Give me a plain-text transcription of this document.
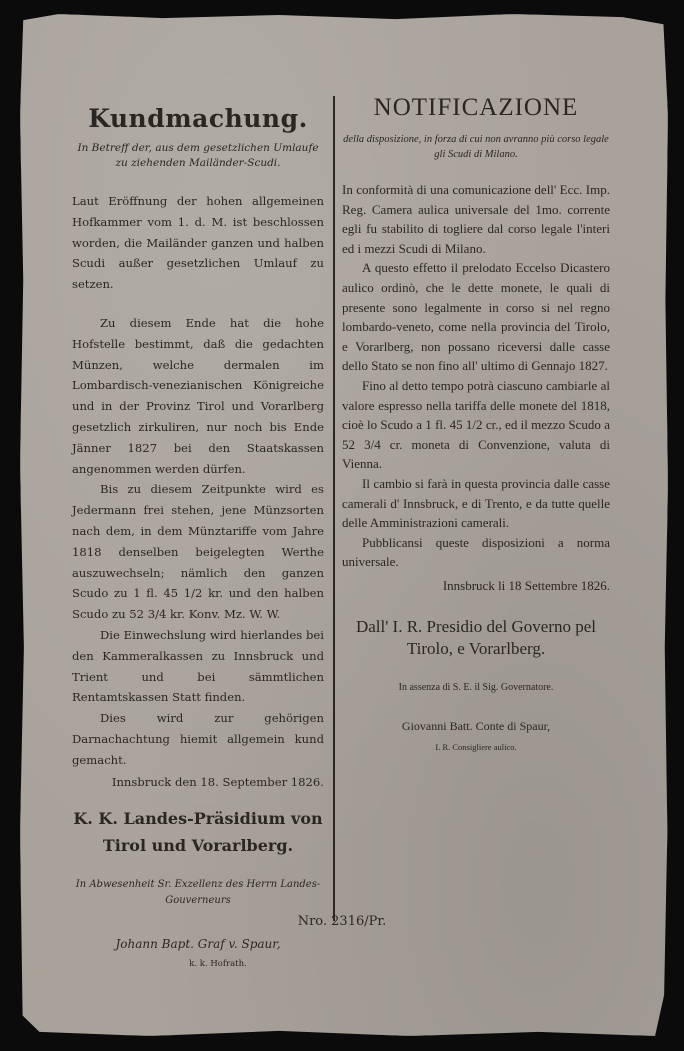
Kundmachung.
In Betreff der, aus dem gesetzlichen Umlaufe zu ziehenden Mailänder-Scudi.

Laut Eröffnung der hohen allgemeinen Hofkammer vom 1. d. M. ist beschlossen worden, die Mailänder ganzen und halben Scudi außer gesetzlichen Umlauf zu setzen.

Zu diesem Ende hat die hohe Hofstelle bestimmt, daß die gedachten Münzen, welche dermalen im Lombardisch-venezianischen Königreiche und in der Provinz Tirol und Vorarlberg gesetzlich zirkuliren, nur noch bis Ende Jänner 1827 bei den Staatskassen angenommen werden dürfen.

Bis zu diesem Zeitpunkte wird es Jedermann frei stehen, jene Münzsorten nach dem, in dem Münztariffe vom Jahre 1818 denselben beigelegten Werthe auszuwechseln; nämlich den ganzen Scudo zu 1 fl. 45 1/2 kr. und den halben Scudo zu 52 3/4 kr. Konv. Mz. W. W.

Die Einwechslung wird hierlandes bei den Kammeralkassen zu Innsbruck und Trient und bei sämmtlichen Rentamtskassen Statt finden.

Dies wird zur gehörigen Darnachachtung hiemit allgemein kund gemacht.

Innsbruck den 18. September 1826.
K. K. Landes-Präsidium von Tirol und Vorarlberg.
In Abwesenheit Sr. Exzellenz des Herrn Landes-Gouverneurs
Johann Bapt. Graf v. Spaur,
k. k. Hofrath.
NOTIFICAZIONE
della disposizione, in forza di cui non avranno più corso legale gli Scudi di Milano.

In conformità di una comunicazione dell' Ecc. Imp. Reg. Camera aulica universale del 1mo. corrente egli fu stabilito di togliere dal corso legale l'interi ed i mezzi Scudi di Milano.

A questo effetto il prelodato Eccelso Dicastero aulico ordinò, che le dette monete, le quali di presente sono legalmente in corso si nel regno lombardo-veneto, come nella provincia del Tirolo, e Vorarlberg, non possano riceversi dalle casse dello Stato se non fino all' ultimo di Gennajo 1827.

Fino al detto tempo potrà ciascuno cambiarle al valore espresso nella tariffa delle monete del 1818, cioè lo Scudo a 1 fl. 45 1/2 cr., ed il mezzo Scudo a 52 3/4 cr. moneta di Convenzione, valuta di Vienna.

Il cambio si farà in questa provincia dalle casse camerali d' Innsbruck, e di Trento, e da tutte quelle delle Amministrazioni camerali.

Pubblicansi queste disposizioni a norma universale.

Innsbruck li 18 Settembre 1826.
Dall' I. R. Presidio del Governo pel Tirolo, e Vorarlberg.
In assenza di S. E. il Sig. Governatore.
Giovanni Batt. Conte di Spaur,
I. R. Consigliere aulico.
Nro. 2316/Pr.
